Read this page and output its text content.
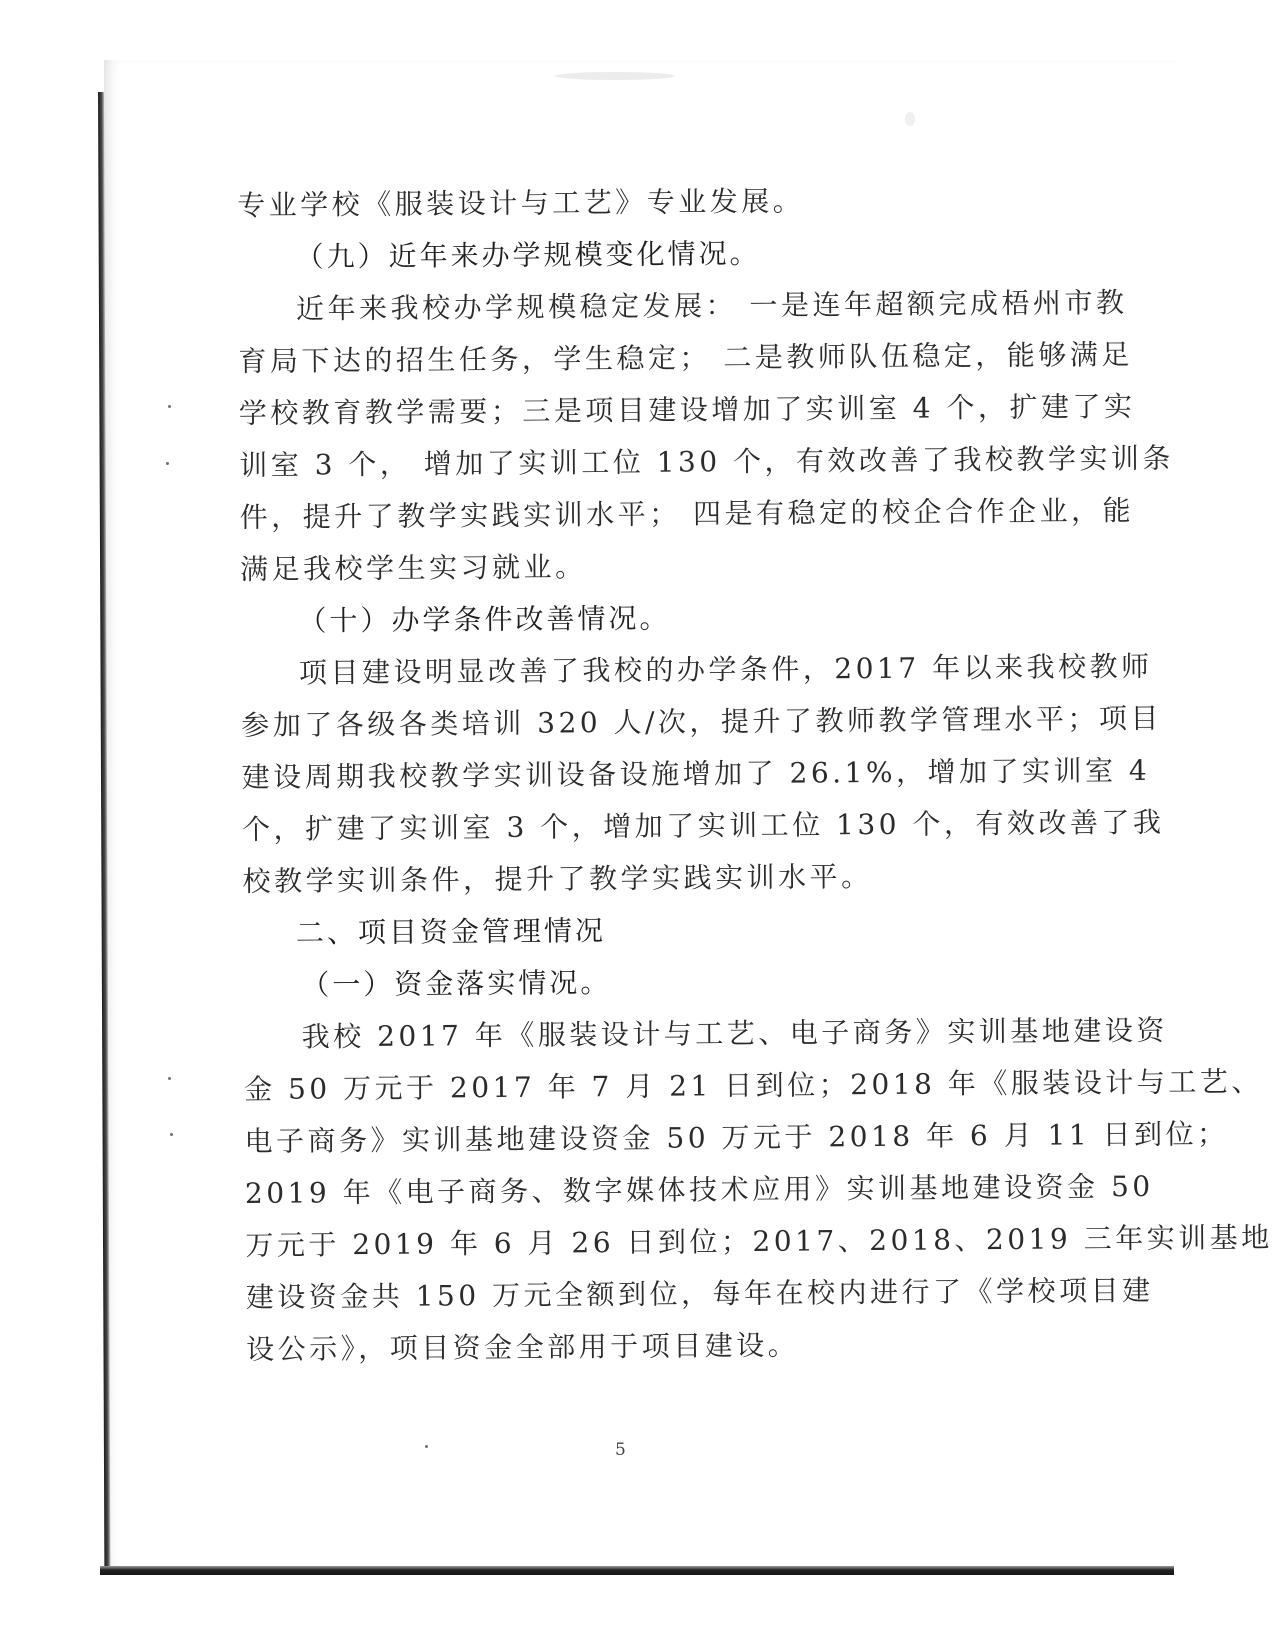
专业学校《服装设计与工艺》专业发展。
（九）近年来办学规模变化情况。
近年来我校办学规模稳定发展： 一是连年超额完成梧州市教
育局下达的招生任务，学生稳定； 二是教师队伍稳定，能够满足
学校教育教学需要；三是项目建设增加了实训室 4 个，扩建了实
训室 3 个， 增加了实训工位 130 个，有效改善了我校教学实训条
件，提升了教学实践实训水平； 四是有稳定的校企合作企业，能
满足我校学生实习就业。
（十）办学条件改善情况。
项目建设明显改善了我校的办学条件，2017 年以来我校教师
参加了各级各类培训 320 人/次，提升了教师教学管理水平；项目
建设周期我校教学实训设备设施增加了 26.1%，增加了实训室 4
个，扩建了实训室 3 个，增加了实训工位 130 个，有效改善了我
校教学实训条件，提升了教学实践实训水平。
二、项目资金管理情况
（一）资金落实情况。
我校 2017 年《服装设计与工艺、电子商务》实训基地建设资
金 50 万元于 2017 年 7 月 21 日到位；2018 年《服装设计与工艺、
电子商务》实训基地建设资金 50 万元于 2018 年 6 月 11 日到位；
2019 年《电子商务、数字媒体技术应用》实训基地建设资金 50
万元于 2019 年 6 月 26 日到位；2017、2018、2019 三年实训基地
建设资金共 150 万元全额到位，每年在校内进行了《学校项目建
设公示》，项目资金全部用于项目建设。
5
